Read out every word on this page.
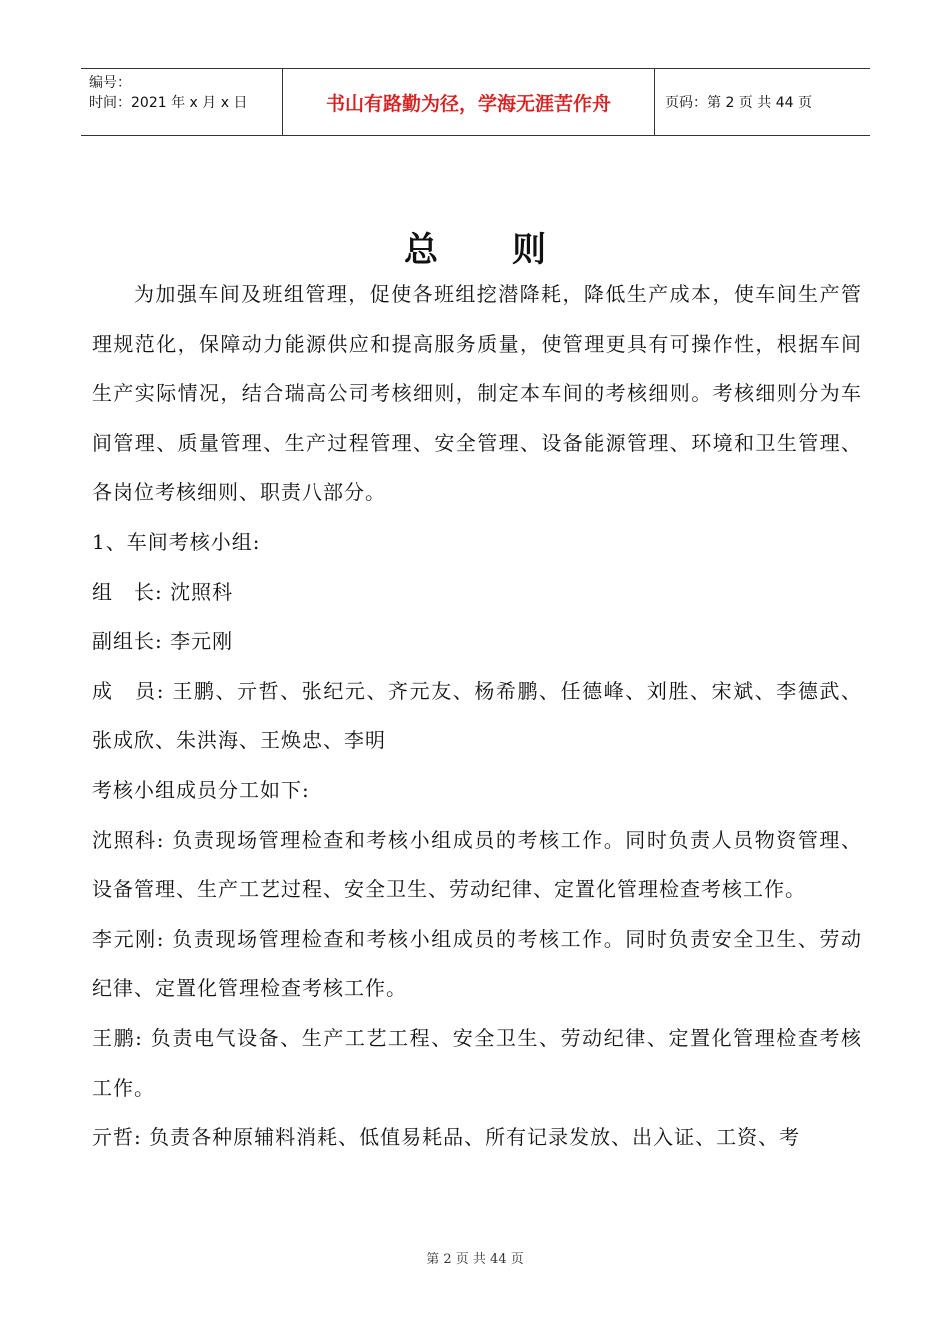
编号：
时间：2021 年 x 月 x 日	书山有路勤为径，学海无涯苦作舟	页码：第 2 页 共 44 页
总则

为加强车间及班组管理，促使各班组挖潜降耗，降低生产成本，使车间生产管理规范化，保障动力能源供应和提高服务质量，使管理更具有可操作性，根据车间生产实际情况，结合瑞高公司考核细则，制定本车间的考核细则。考核细则分为车间管理、质量管理、生产过程管理、安全管理、设备能源管理、环境和卫生管理、各岗位考核细则、职责八部分。

1、车间考核小组:

组　长: 沈照科

副组长: 李元刚

成　员: 王鹏、亓哲、张纪元、齐元友、杨希鹏、任德峰、刘胜、宋斌、李德武、张成欣、朱洪海、王焕忠、李明

考核小组成员分工如下:

沈照科: 负责现场管理检查和考核小组成员的考核工作。同时负责人员物资管理、设备管理、生产工艺过程、安全卫生、劳动纪律、定置化管理检查考核工作。

李元刚: 负责现场管理检查和考核小组成员的考核工作。同时负责安全卫生、劳动纪律、定置化管理检查考核工作。

王鹏: 负责电气设备、生产工艺工程、安全卫生、劳动纪律、定置化管理检查考核工作。

亓哲: 负责各种原辅料消耗、低值易耗品、所有记录发放、出入证、工资、考

第 2 页 共 44 页
